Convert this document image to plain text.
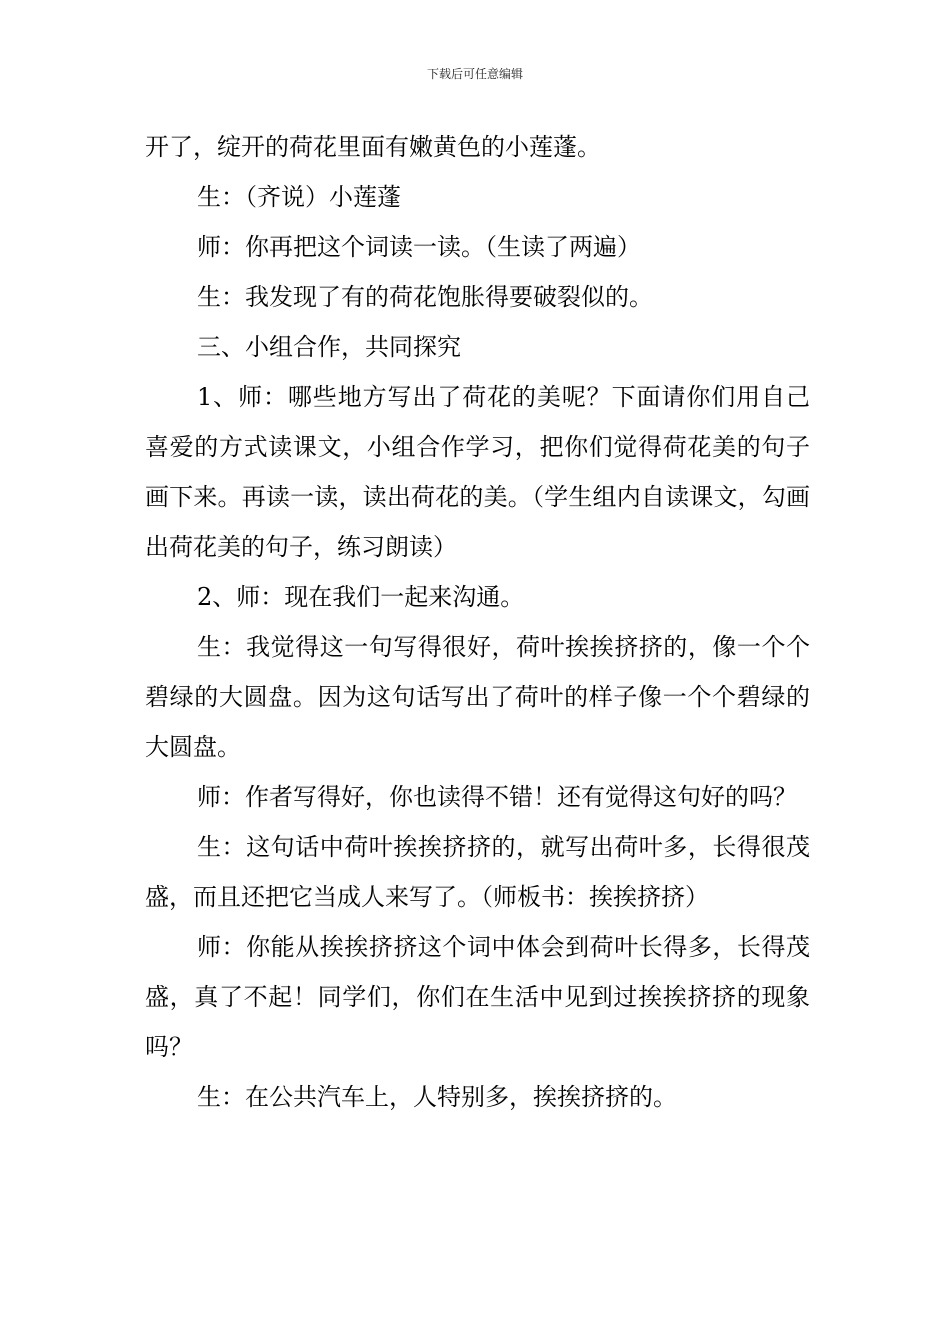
下载后可任意编辑

开了，绽开的荷花里面有嫩黄色的小莲蓬。

生：（齐说）小莲蓬

师：你再把这个词读一读。（生读了两遍）

生：我发现了有的荷花饱胀得要破裂似的。

三、小组合作，共同探究

1、师：哪些地方写出了荷花的美呢？下面请你们用自己喜爱的方式读课文，小组合作学习，把你们觉得荷花美的句子画下来。再读一读，读出荷花的美。（学生组内自读课文，勾画出荷花美的句子，练习朗读）

2、师：现在我们一起来沟通。

生：我觉得这一句写得很好，荷叶挨挨挤挤的，像一个个碧绿的大圆盘。因为这句话写出了荷叶的样子像一个个碧绿的大圆盘。

师：作者写得好，你也读得不错！还有觉得这句好的吗？

生：这句话中荷叶挨挨挤挤的，就写出荷叶多，长得很茂盛，而且还把它当成人来写了。（师板书：挨挨挤挤）

师：你能从挨挨挤挤这个词中体会到荷叶长得多，长得茂盛，真了不起！同学们，你们在生活中见到过挨挨挤挤的现象吗？

生：在公共汽车上，人特别多，挨挨挤挤的。
